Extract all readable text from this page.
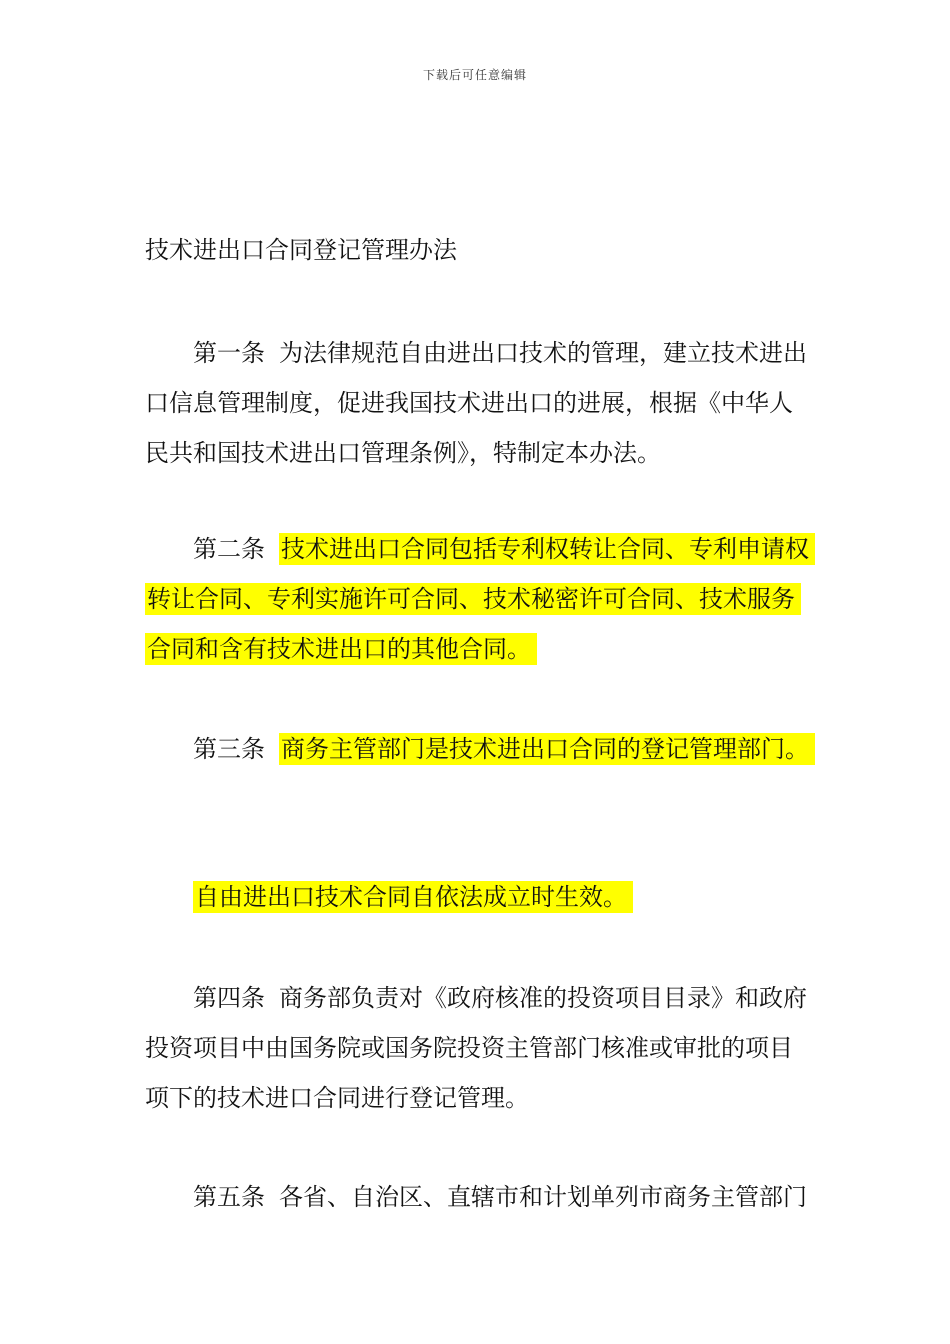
下载后可任意编辑
技术进出口合同登记管理办法
第一条 为法律规范自由进出口技术的管理，建立技术进出
口信息管理制度，促进我国技术进出口的进展，根据《中华人
民共和国技术进出口管理条例》，特制定本办法。
第二条 技术进出口合同包括专利权转让合同、专利申请权
转让合同、专利实施许可合同、技术秘密许可合同、技术服务
合同和含有技术进出口的其他合同。
第三条 商务主管部门是技术进出口合同的登记管理部门。
自由进出口技术合同自依法成立时生效。
第四条 商务部负责对《政府核准的投资项目目录》和政府
投资项目中由国务院或国务院投资主管部门核准或审批的项目
项下的技术进口合同进行登记管理。
第五条 各省、自治区、直辖市和计划单列市商务主管部门
